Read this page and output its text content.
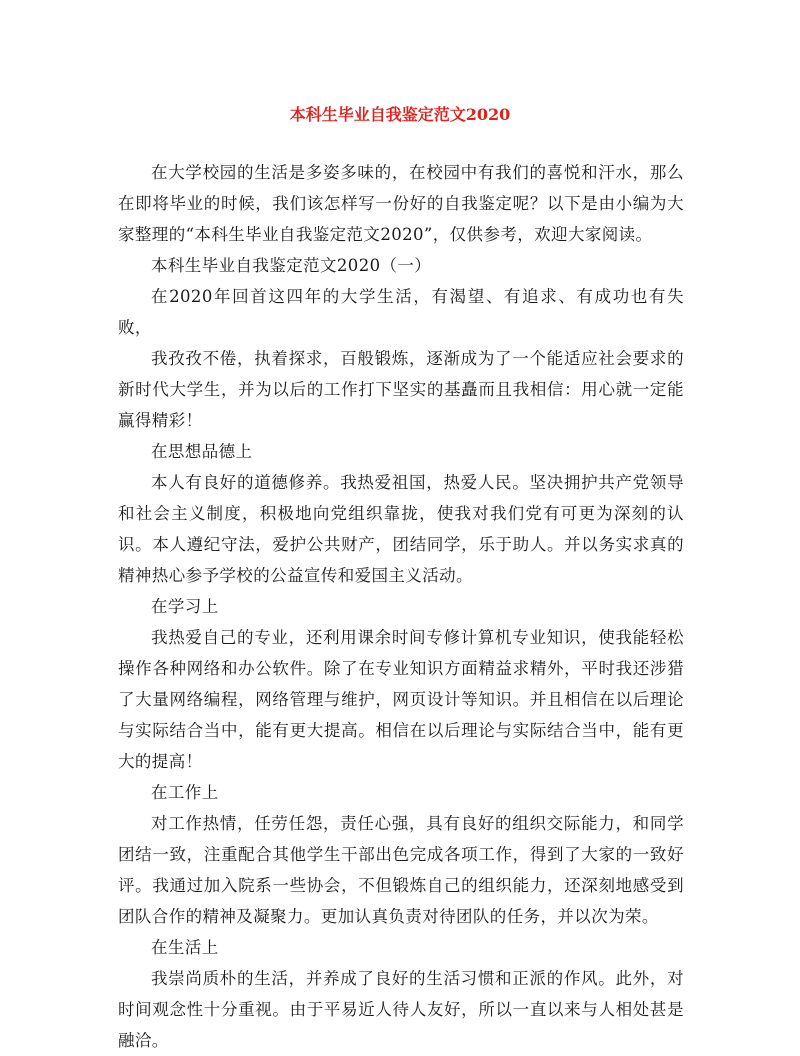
本科生毕业自我鉴定范文2020

在大学校园的生活是多姿多味的，在校园中有我们的喜悦和汗水，那么在即将毕业的时候，我们该怎样写一份好的自我鉴定呢？以下是由小编为大家整理的“本科生毕业自我鉴定范文2020”，仅供参考，欢迎大家阅读。

本科生毕业自我鉴定范文2020（一）

在2020年回首这四年的大学生活，有渴望、有追求、有成功也有失败，

我孜孜不倦，执着探求，百般锻炼，逐渐成为了一个能适应社会要求的新时代大学生，并为以后的工作打下坚实的基矗而且我相信：用心就一定能赢得精彩！

在思想品德上

本人有良好的道德修养。我热爱祖国，热爱人民。坚决拥护共产党领导和社会主义制度，积极地向党组织靠拢，使我对我们党有可更为深刻的认识。本人遵纪守法，爱护公共财产，团结同学，乐于助人。并以务实求真的精神热心参予学校的公益宣传和爱国主义活动。

在学习上

我热爱自己的专业，还利用课余时间专修计算机专业知识，使我能轻松操作各种网络和办公软件。除了在专业知识方面精益求精外，平时我还涉猎了大量网络编程，网络管理与维护，网页设计等知识。并且相信在以后理论与实际结合当中，能有更大提高。相信在以后理论与实际结合当中，能有更大的提高！

在工作上

对工作热情，任劳任怨，责任心强，具有良好的组织交际能力，和同学团结一致，注重配合其他学生干部出色完成各项工作，得到了大家的一致好评。我通过加入院系一些协会，不但锻炼自己的组织能力，还深刻地感受到团队合作的精神及凝聚力。更加认真负责对待团队的任务，并以次为荣。

在生活上

我崇尚质朴的生活，并养成了良好的生活习惯和正派的作风。此外，对时间观念性十分重视。由于平易近人待人友好，所以一直以来与人相处甚是融洽。
